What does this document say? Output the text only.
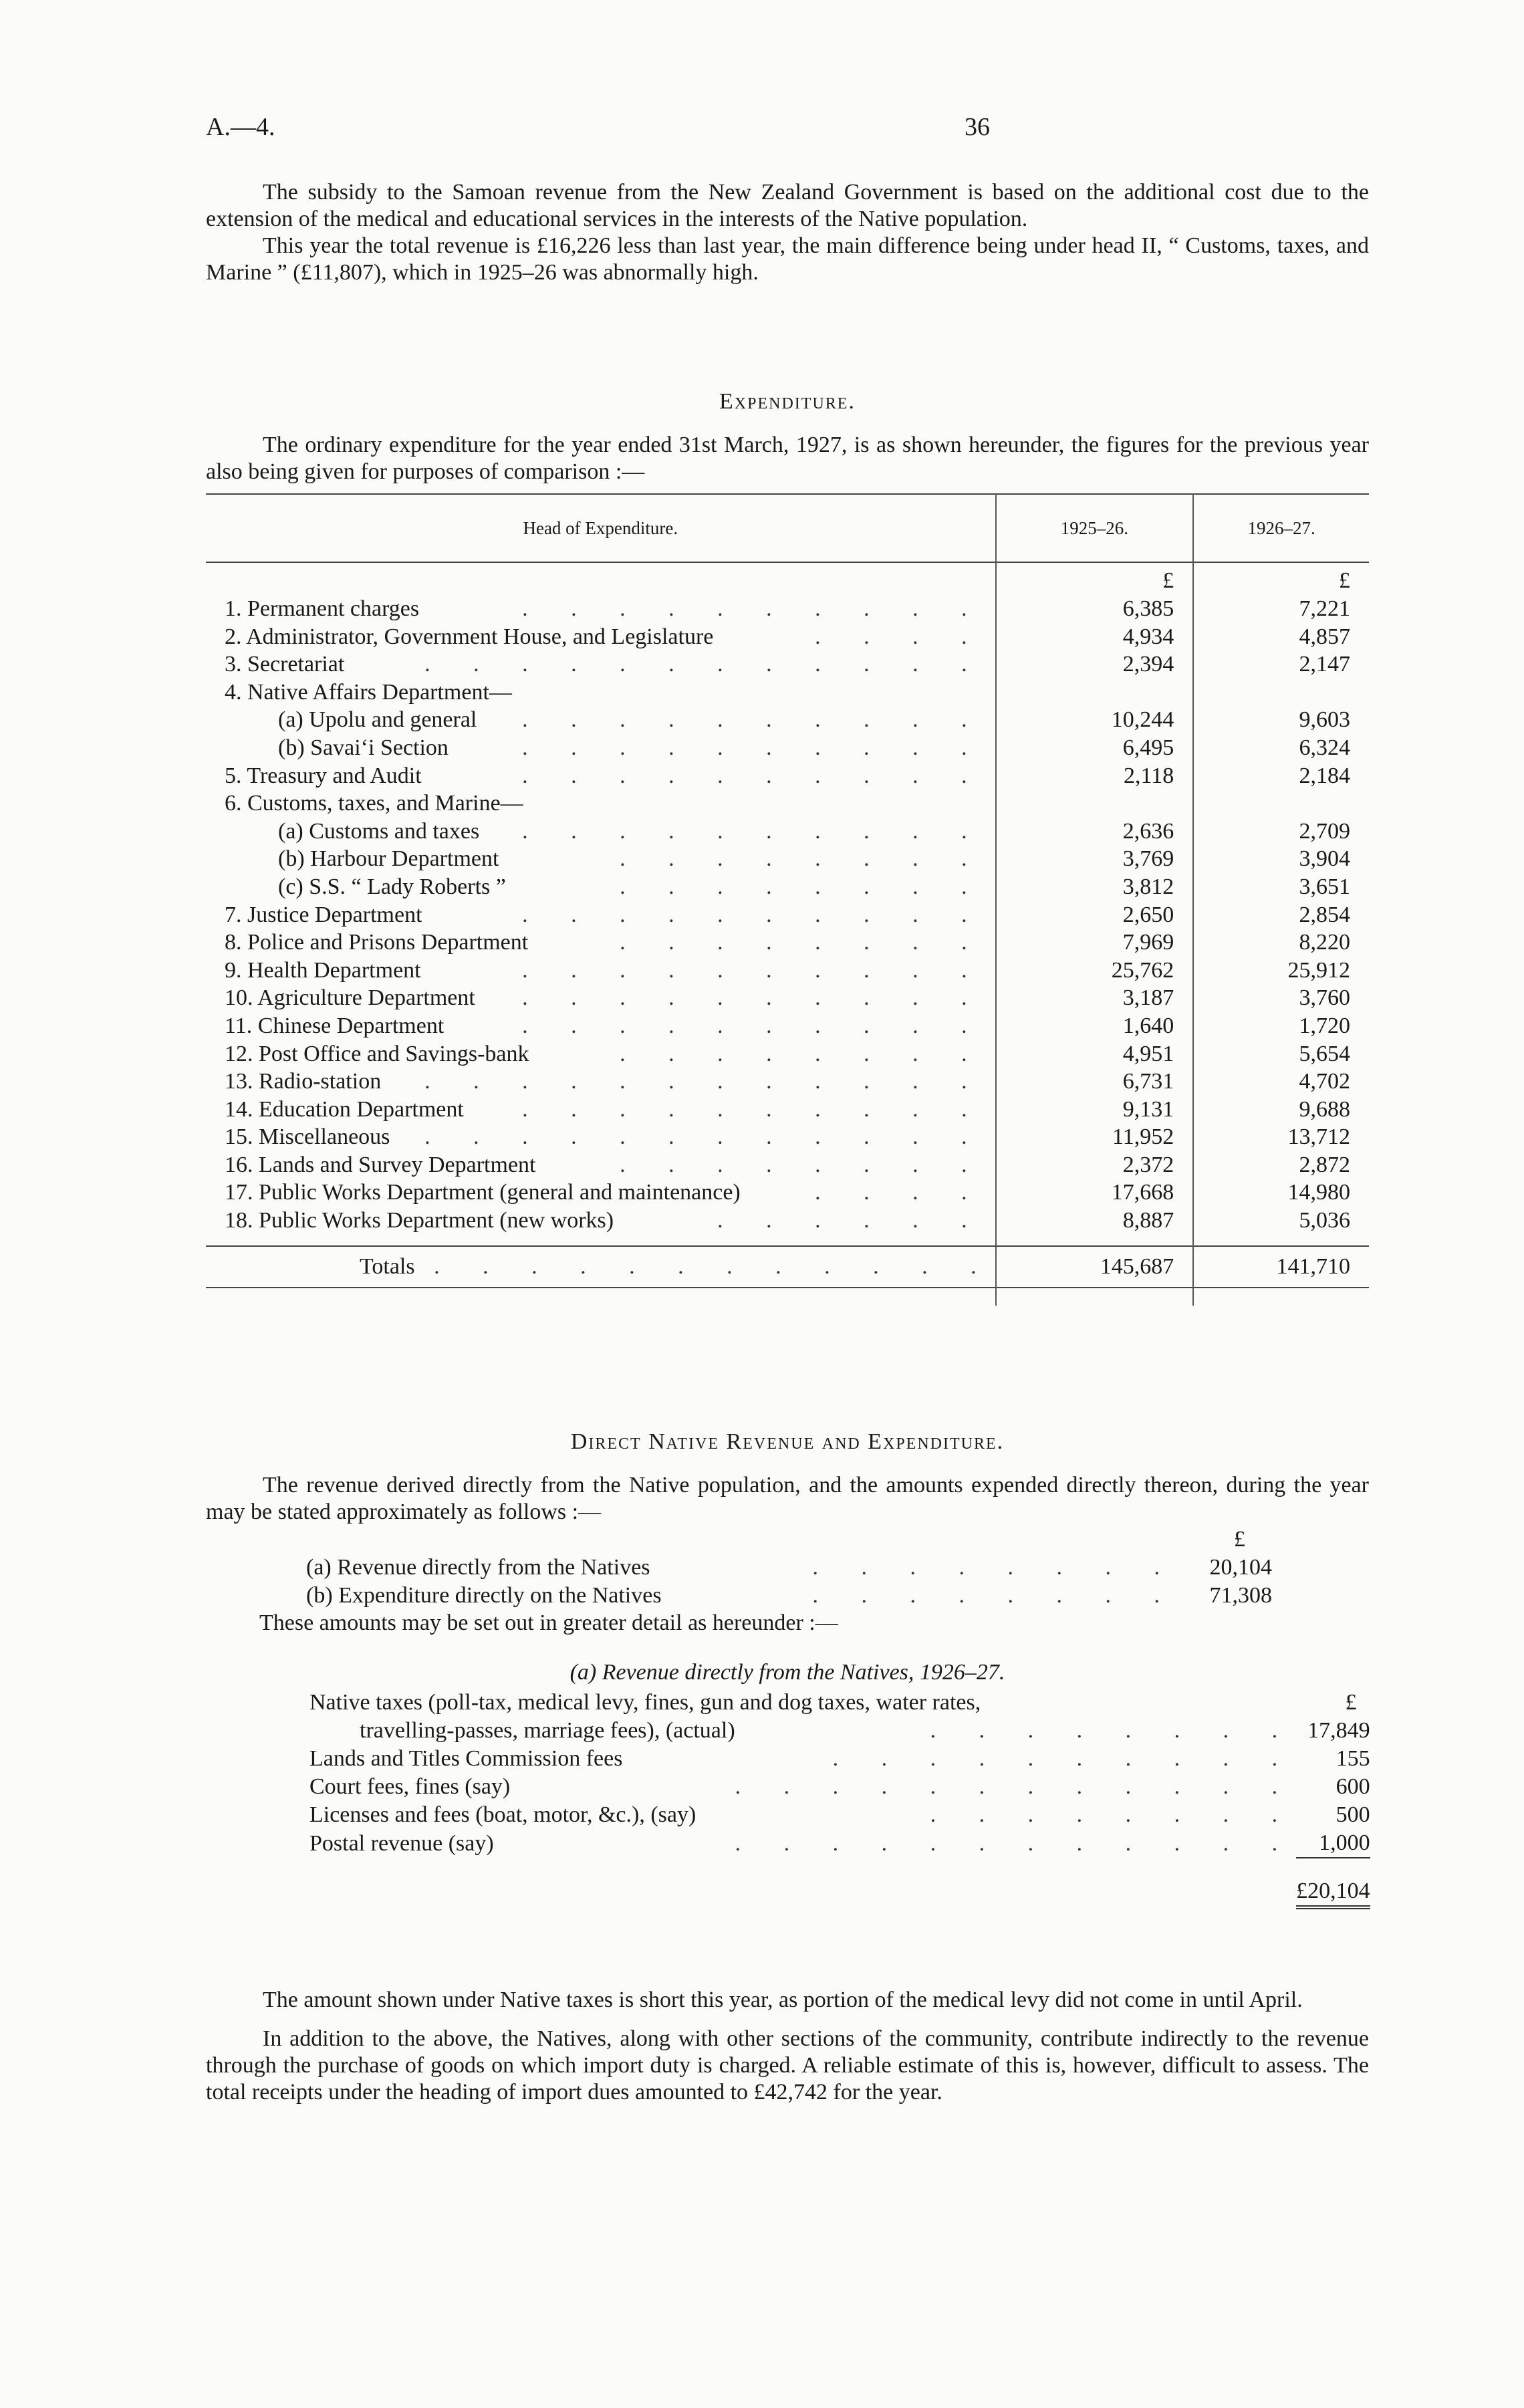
A.—4.	36

The subsidy to the Samoan revenue from the New Zealand Government is based on the additional cost due to the extension of the medical and educational services in the interests of the Native population.

This year the total revenue is £16,226 less than last year, the main difference being under head II, “ Customs, taxes, and Marine ” (£11,807), which in 1925–26 was abnormally high.

Expenditure.

The ordinary expenditure for the year ended 31st March, 1927, is as shown hereunder, the figures for the previous year also being given for purposes of comparison :—

Head of Expenditure.	1925–26.	1926–27.
	£	£
1. Permanent charges . . . . . . . . . .	6,385	7,221
2. Administrator, Government House, and Legislature . . . .	4,934	4,857
3. Secretariat . . . . . . . . . . . .	2,394	2,147
4. Native Affairs Department—		
(a) Upolu and general . . . . . . . . . .	10,244	9,603
(b) Savai‘i Section . . . . . . . . . .	6,495	6,324
5. Treasury and Audit . . . . . . . . . .	2,118	2,184
6. Customs, taxes, and Marine—		
(a) Customs and taxes . . . . . . . . . .	2,636	2,709
(b) Harbour Department . . . . . . . .	3,769	3,904
(c) S.S. “ Lady Roberts ” . . . . . . . .	3,812	3,651
7. Justice Department . . . . . . . . . .	2,650	2,854
8. Police and Prisons Department . . . . . . . .	7,969	8,220
9. Health Department . . . . . . . . . .	25,762	25,912
10. Agriculture Department . . . . . . . . . .	3,187	3,760
11. Chinese Department . . . . . . . . . .	1,640	1,720
12. Post Office and Savings-bank . . . . . . . .	4,951	5,654
13. Radio-station . . . . . . . . . . . .	6,731	4,702
14. Education Department . . . . . . . . . .	9,131	9,688
15. Miscellaneous . . . . . . . . . . . .	11,952	13,712
16. Lands and Survey Department . . . . . . . .	2,372	2,872
17. Public Works Department (general and maintenance) . . . .	17,668	14,980
18. Public Works Department (new works) . . . . . .	8,887	5,036

Totals . . . . . . . . . . . .	145,687	141,710

Direct Native Revenue and Expenditure.

The revenue derived directly from the Native population, and the amounts expended directly thereon, during the year may be stated approximately as follows :—

		£
(a) Revenue directly from the Natives	. . . . . . . .	20,104
(b) Expenditure directly on the Natives	. . . . . . . .	71,308

These amounts may be set out in greater detail as hereunder :—

(a) Revenue directly from the Natives, 1926–27.

Native taxes (poll-tax, medical levy, fines, gun and dog taxes, water rates,		£
travelling-passes, marriage fees), (actual)	. . . . . . . .	17,849
Lands and Titles Commission fees	. . . . . . . . . .	155
Court fees, fines (say)	. . . . . . . . . . . .	600
Licenses and fees (boat, motor, &c.), (say)	. . . . . . . .	500
Postal revenue (say)	. . . . . . . . . . . .	1,000
		£20,104

The amount shown under Native taxes is short this year, as portion of the medical levy did not come in until April.

In addition to the above, the Natives, along with other sections of the community, contribute indirectly to the revenue through the purchase of goods on which import duty is charged. A reliable estimate of this is, however, difficult to assess. The total receipts under the heading of import dues amounted to £42,742 for the year.
